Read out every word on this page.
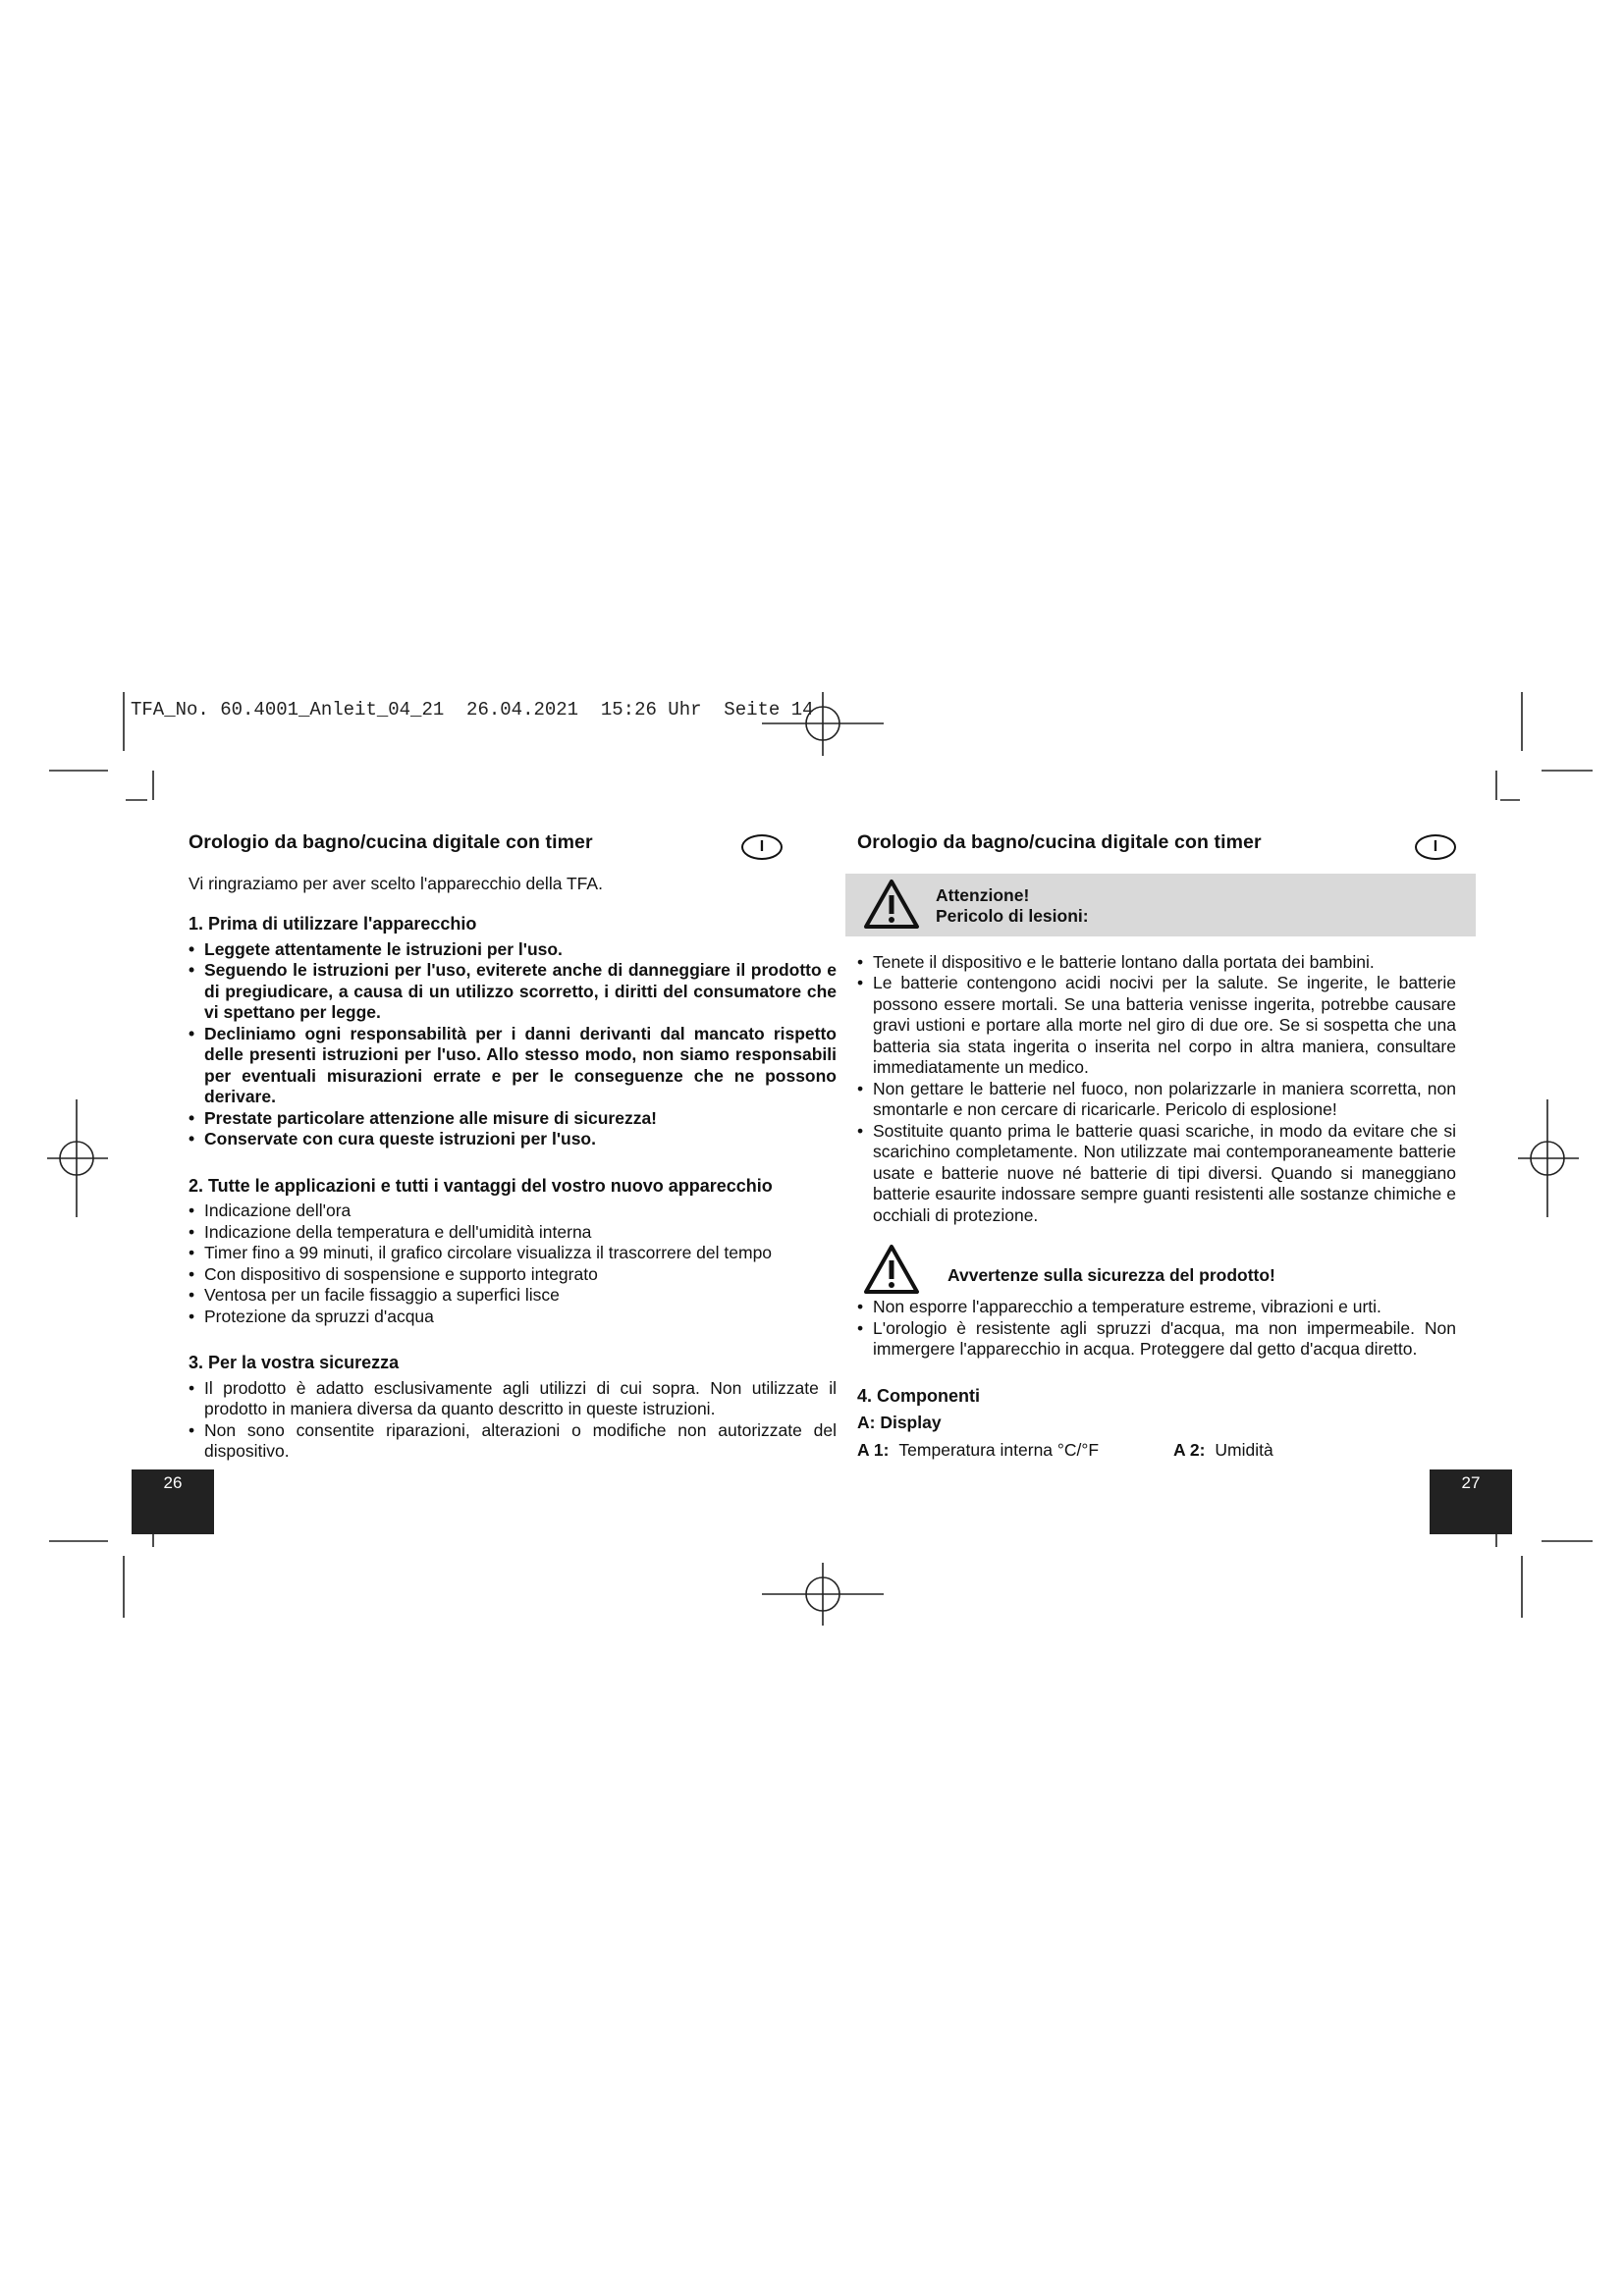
TFA_No. 60.4001_Anleit_04_21  26.04.2021  15:26 Uhr  Seite 14
Orologio da bagno/cucina digitale con timer

Vi ringraziamo per aver scelto l'apparecchio della TFA.

1. Prima di utilizzare l'apparecchio
• Leggete attentamente le istruzioni per l'uso.
• Seguendo le istruzioni per l'uso, eviterete anche di danneggiare il prodotto e di pregiudicare, a causa di un utilizzo scorretto, i diritti del consumatore che vi spettano per legge.
• Decliniamo ogni responsabilità per i danni derivanti dal mancato rispetto delle presenti istruzioni per l'uso. Allo stesso modo, non siamo responsabili per eventuali misurazioni errate e per le conseguenze che ne possono derivare.
• Prestate particolare attenzione alle misure di sicurezza!
• Conservate con cura queste istruzioni per l'uso.
2. Tutte le applicazioni e tutti i vantaggi del vostro nuovo apparecchio
• Indicazione dell'ora
• Indicazione della temperatura e dell'umidità interna
• Timer fino a 99 minuti, il grafico circolare visualizza il trascorrere del tempo
• Con dispositivo di sospensione e supporto integrato
• Ventosa per un facile fissaggio a superfici lisce
• Protezione da spruzzi d'acqua
3. Per la vostra sicurezza
• Il prodotto è adatto esclusivamente agli utilizzi di cui sopra. Non utilizzate il prodotto in maniera diversa da quanto descritto in queste istruzioni.
• Non sono consentite riparazioni, alterazioni o modifiche non autorizzate del dispositivo.
I
26
Orologio da bagno/cucina digitale con timer
Attenzione!
Pericolo di lesioni:
• Tenete il dispositivo e le batterie lontano dalla portata dei bambini.
• Le batterie contengono acidi nocivi per la salute. Se ingerite, le batterie possono essere mortali. Se una batteria venisse ingerita, potrebbe causare gravi ustioni e portare alla morte nel giro di due ore. Se si sospetta che una batteria sia stata ingerita o inserita nel corpo in altra maniera, consultare immediatamente un medico.
• Non gettare le batterie nel fuoco, non polarizzarle in maniera scorretta, non smontarle e non cercare di ricaricarle. Pericolo di esplosione!
• Sostituite quanto prima le batterie quasi scariche, in modo da evitare che si scarichino completamente. Non utilizzate mai contemporaneamente batterie usate e batterie nuove né batterie di tipi diversi. Quando si maneggiano batterie esaurite indossare sempre guanti resistenti alle sostanze chimiche e occhiali di protezione.
Avvertenze sulla sicurezza del prodotto!
• Non esporre l'apparecchio a temperature estreme, vibrazioni e urti.
• L'orologio è resistente agli spruzzi d'acqua, ma non impermeabile. Non immergere l'apparecchio in acqua. Proteggere dal getto d'acqua diretto.
4. Componenti
A: Display
A 1: Temperatura interna °C/°F	A 2: Umidità
I
27
